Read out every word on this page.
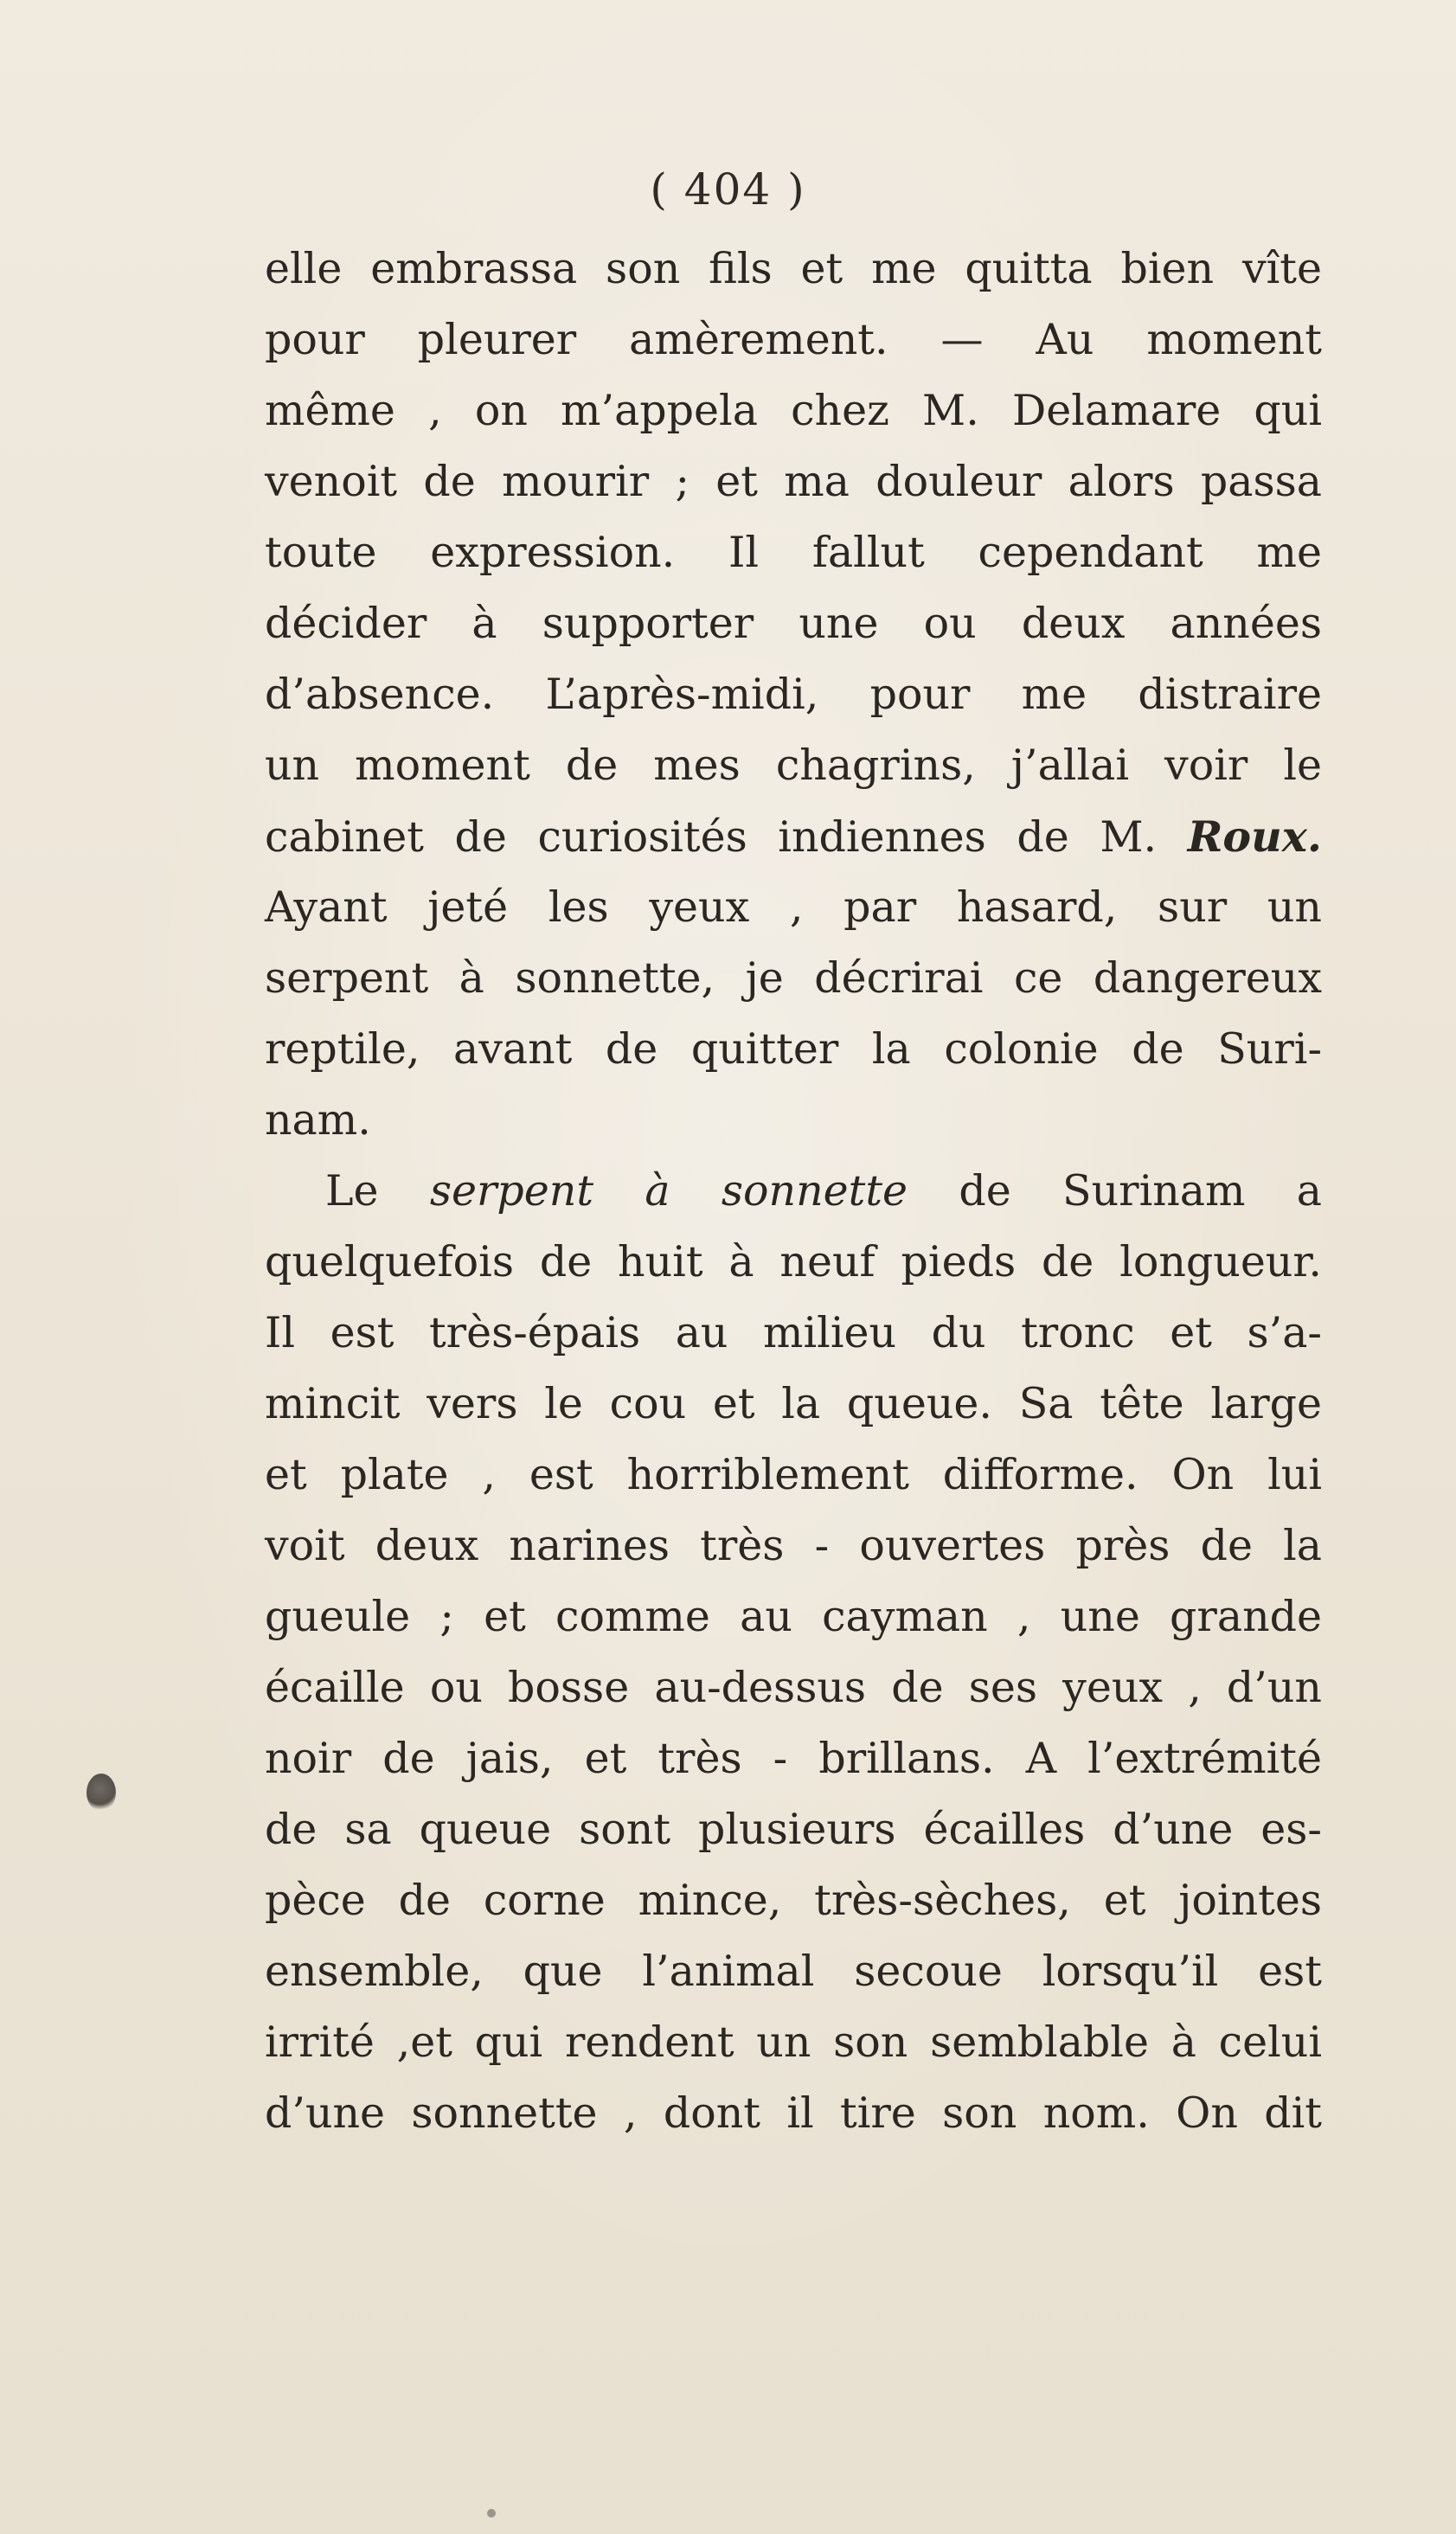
( 404 )
elle embrassa son fils et me quitta bien vîte
pour pleurer amèrement. — Au moment
même , on m’appela chez M. Delamare qui
venoit de mourir ; et ma douleur alors passa
toute expression. Il fallut cependant me
décider à supporter une ou deux années
d’absence. L’après-midi, pour me distraire
un moment de mes chagrins, j’allai voir le
cabinet de curiosités indiennes de M. Roux.
Ayant jeté les yeux , par hasard, sur un
serpent à sonnette, je décrirai ce dangereux
reptile, avant de quitter la colonie de Suri-
nam.
Le serpent à sonnette de Surinam a
quelquefois de huit à neuf pieds de longueur.
Il est très-épais au milieu du tronc et s’a-
mincit vers le cou et la queue. Sa tête large
et plate , est horriblement difforme. On lui
voit deux narines très - ouvertes près de la
gueule ; et comme au cayman , une grande
écaille ou bosse au-dessus de ses yeux , d’un
noir de jais, et très - brillans. A l’extrémité
de sa queue sont plusieurs écailles d’une es-
pèce de corne mince, très-sèches, et jointes
ensemble, que l’animal secoue lorsqu’il est
irrité ,et qui rendent un son semblable à celui
d’une sonnette , dont il tire son nom. On dit
